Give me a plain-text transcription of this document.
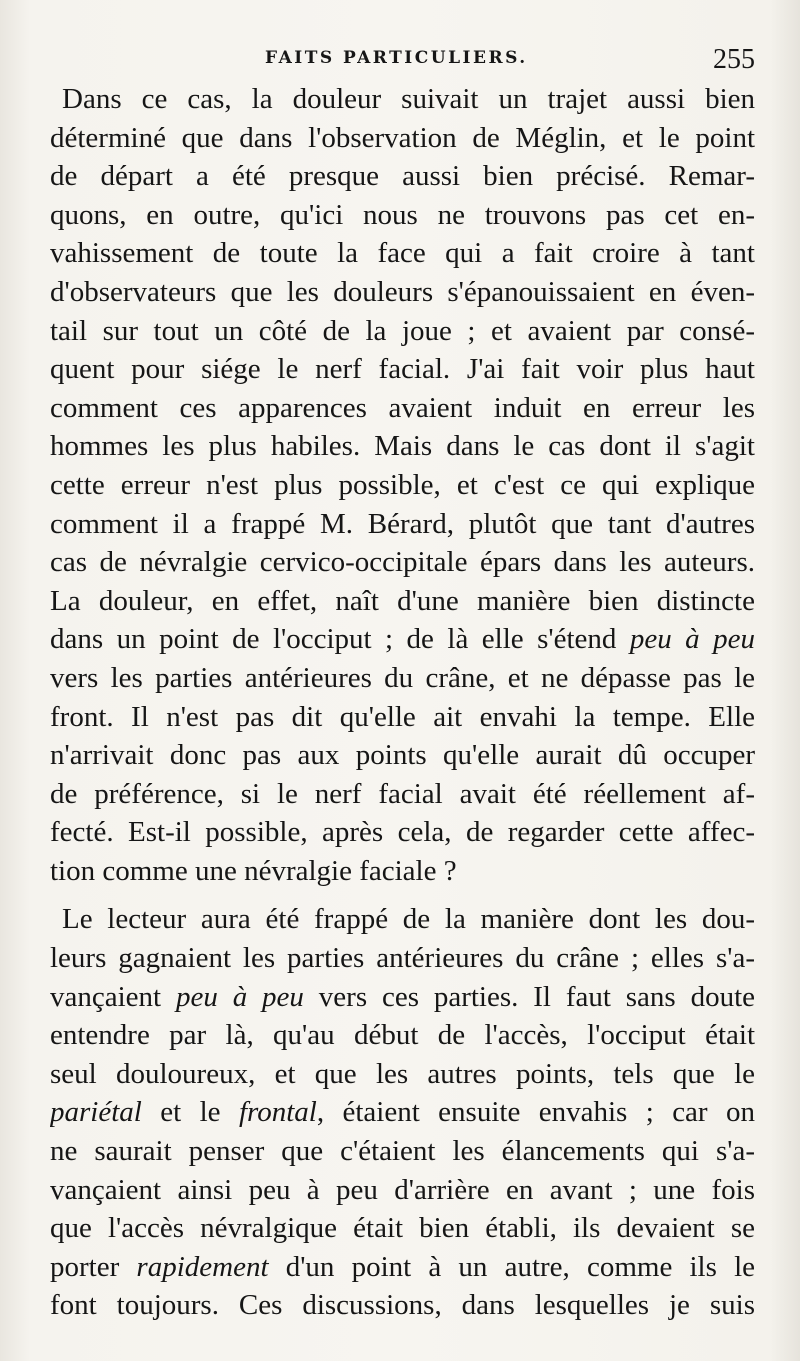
FAITS PARTICULIERS.	255
Dans ce cas, la douleur suivait un trajet aussi bien
déterminé que dans l'observation de Méglin, et le point
de départ a été presque aussi bien précisé. Remar-
quons, en outre, qu'ici nous ne trouvons pas cet en-
vahissement de toute la face qui a fait croire à tant
d'observateurs que les douleurs s'épanouissaient en éven-
tail sur tout un côté de la joue ; et avaient par consé-
quent pour siége le nerf facial. J'ai fait voir plus haut
comment ces apparences avaient induit en erreur les
hommes les plus habiles. Mais dans le cas dont il s'agit
cette erreur n'est plus possible, et c'est ce qui explique
comment il a frappé M. Bérard, plutôt que tant d'autres
cas de névralgie cervico-occipitale épars dans les auteurs.
La douleur, en effet, naît d'une manière bien distincte
dans un point de l'occiput ; de là elle s'étend peu à peu
vers les parties antérieures du crâne, et ne dépasse pas le
front. Il n'est pas dit qu'elle ait envahi la tempe. Elle
n'arrivait donc pas aux points qu'elle aurait dû occuper
de préférence, si le nerf facial avait été réellement af-
fecté. Est-il possible, après cela, de regarder cette affec-
tion comme une névralgie faciale ?
Le lecteur aura été frappé de la manière dont les dou-
leurs gagnaient les parties antérieures du crâne ; elles s'a-
vançaient peu à peu vers ces parties. Il faut sans doute
entendre par là, qu'au début de l'accès, l'occiput était
seul douloureux, et que les autres points, tels que le
pariétal et le frontal, étaient ensuite envahis ; car on
ne saurait penser que c'étaient les élancements qui s'a-
vançaient ainsi peu à peu d'arrière en avant ; une fois
que l'accès névralgique était bien établi, ils devaient se
porter rapidement d'un point à un autre, comme ils le
font toujours. Ces discussions, dans lesquelles je suis
